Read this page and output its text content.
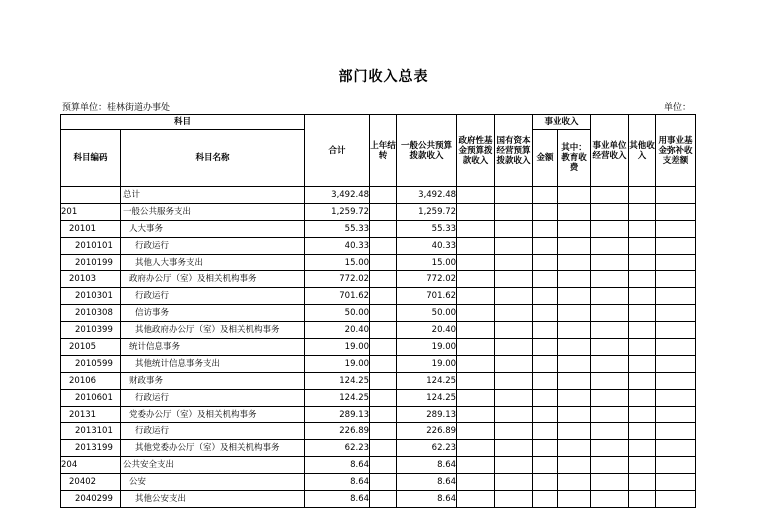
部门收入总表
预算单位：桂林街道办事处	单位：
科目		合计	上年结转	一般公共预算拨款收入	政府性基金预算拨款收入	国有资本经营预算拨款收入	事业收入		事业单位经营收入	其他收入	用事业基金弥补收支差额
科目编码	科目名称						金额	其中：教育收费			
	总计	3,492.48		3,492.48							
201	一般公共服务支出	1,259.72		1,259.72							
20101	人大事务	55.33		55.33							
2010101	行政运行	40.33		40.33							
2010199	其他人大事务支出	15.00		15.00							
20103	政府办公厅（室）及相关机构事务	772.02		772.02							
2010301	行政运行	701.62		701.62							
2010308	信访事务	50.00		50.00							
2010399	其他政府办公厅（室）及相关机构事务	20.40		20.40							
20105	统计信息事务	19.00		19.00							
2010599	其他统计信息事务支出	19.00		19.00							
20106	财政事务	124.25		124.25							
2010601	行政运行	124.25		124.25							
20131	党委办公厅（室）及相关机构事务	289.13		289.13							
2013101	行政运行	226.89		226.89							
2013199	其他党委办公厅（室）及相关机构事务	62.23		62.23							
204	公共安全支出	8.64		8.64							
20402	公安	8.64		8.64							
2040299	其他公安支出	8.64		8.64							
